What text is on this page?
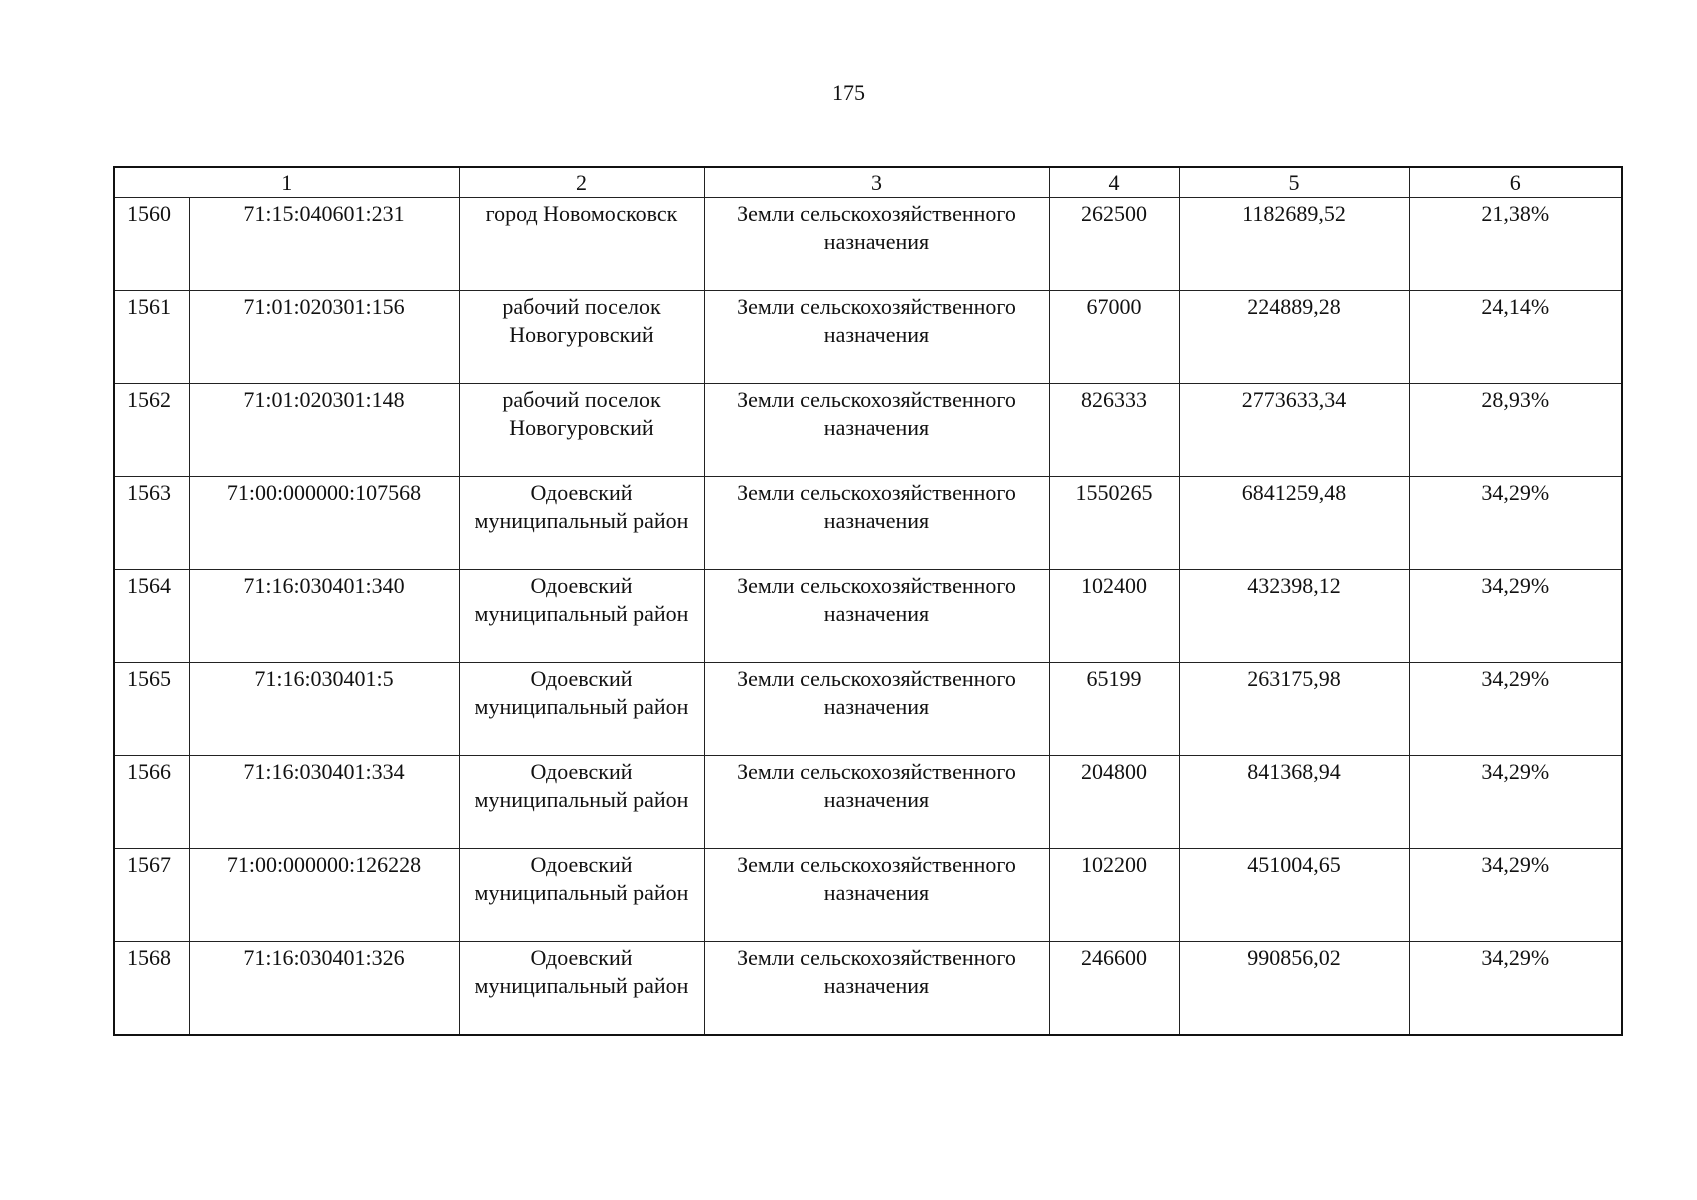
175
1		2	3	4	5	6
1560	71:15:040601:231	город Новомосковск	Земли сельскохозяйственного назначения	262500	1182689,52	21,38%
1561	71:01:020301:156	рабочий поселок Новогуровский	Земли сельскохозяйственного назначения	67000	224889,28	24,14%
1562	71:01:020301:148	рабочий поселок Новогуровский	Земли сельскохозяйственного назначения	826333	2773633,34	28,93%
1563	71:00:000000:107568	Одоевский муниципальный район	Земли сельскохозяйственного назначения	1550265	6841259,48	34,29%
1564	71:16:030401:340	Одоевский муниципальный район	Земли сельскохозяйственного назначения	102400	432398,12	34,29%
1565	71:16:030401:5	Одоевский муниципальный район	Земли сельскохозяйственного назначения	65199	263175,98	34,29%
1566	71:16:030401:334	Одоевский муниципальный район	Земли сельскохозяйственного назначения	204800	841368,94	34,29%
1567	71:00:000000:126228	Одоевский муниципальный район	Земли сельскохозяйственного назначения	102200	451004,65	34,29%
1568	71:16:030401:326	Одоевский муниципальный район	Земли сельскохозяйственного назначения	246600	990856,02	34,29%
